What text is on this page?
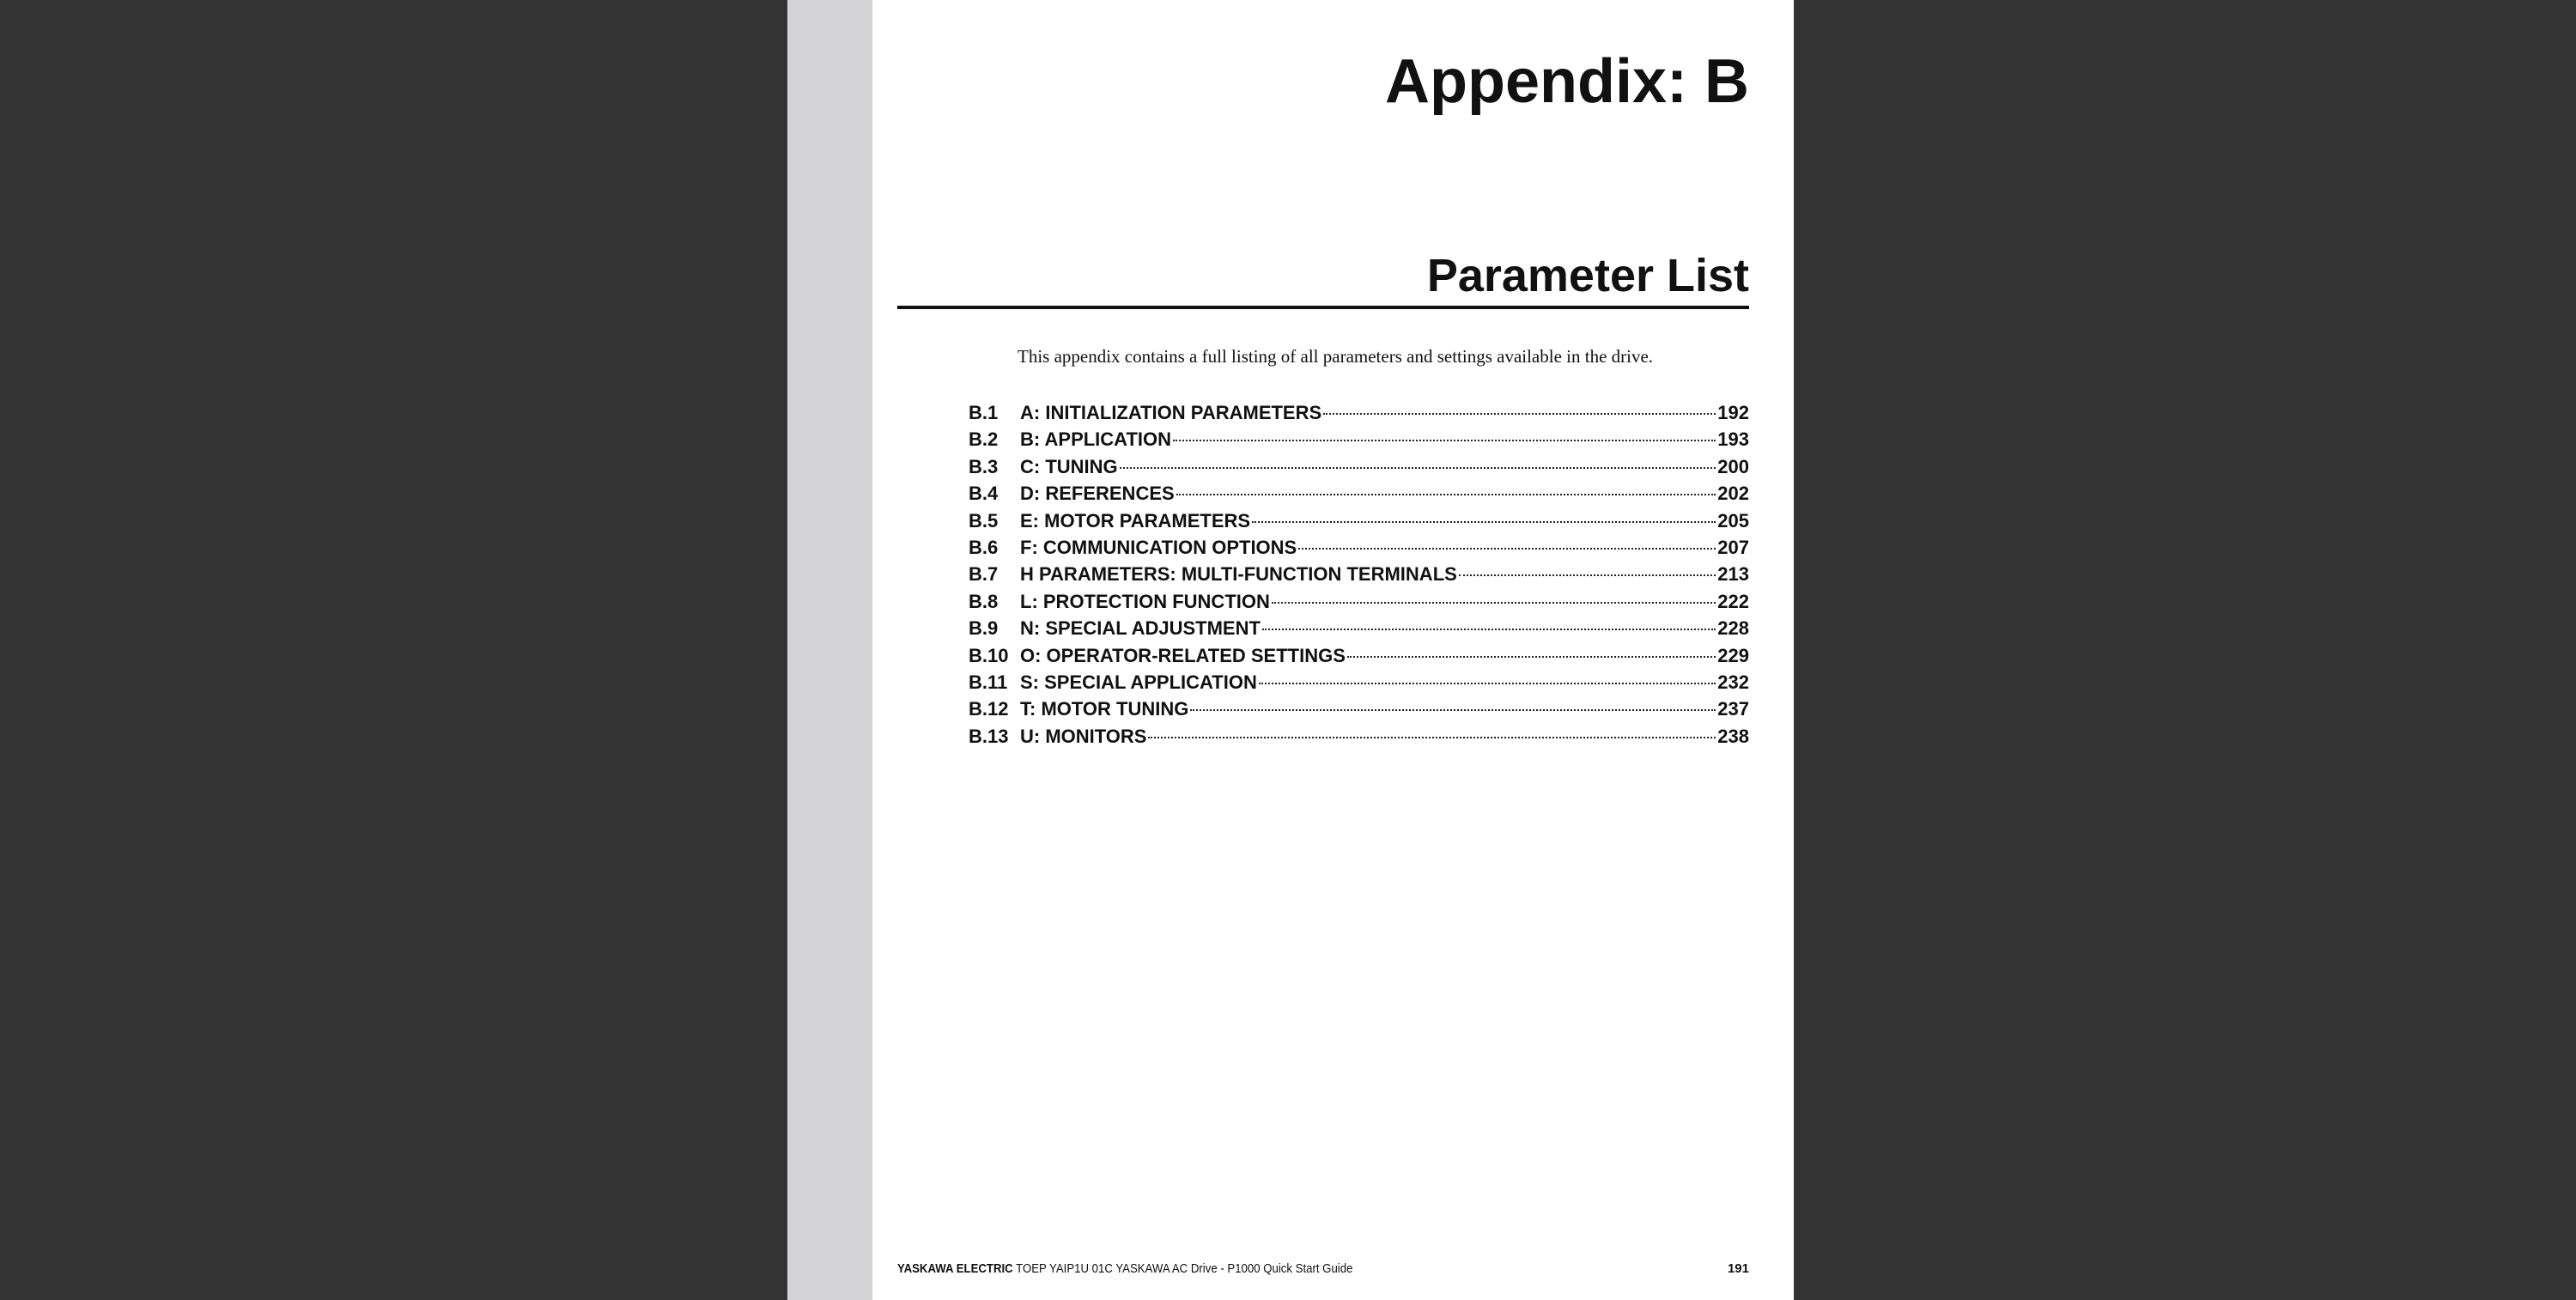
Appendix: B
Parameter List
This appendix contains a full listing of all parameters and settings available in the drive.
B.1	A: INITIALIZATION PARAMETERS	192
B.2	B: APPLICATION	193
B.3	C: TUNING	200
B.4	D: REFERENCES	202
B.5	E: MOTOR PARAMETERS	205
B.6	F: COMMUNICATION OPTIONS	207
B.7	H PARAMETERS: MULTI-FUNCTION TERMINALS	213
B.8	L: PROTECTION FUNCTION	222
B.9	N: SPECIAL ADJUSTMENT	228
B.10 O: OPERATOR-RELATED SETTINGS	229
B.11 S: SPECIAL APPLICATION	232
B.12 T: MOTOR TUNING	237
B.13 U: MONITORS	238
YASKAWA ELECTRIC TOEP YAIP1U 01C YASKAWA AC Drive - P1000 Quick Start Guide	191
